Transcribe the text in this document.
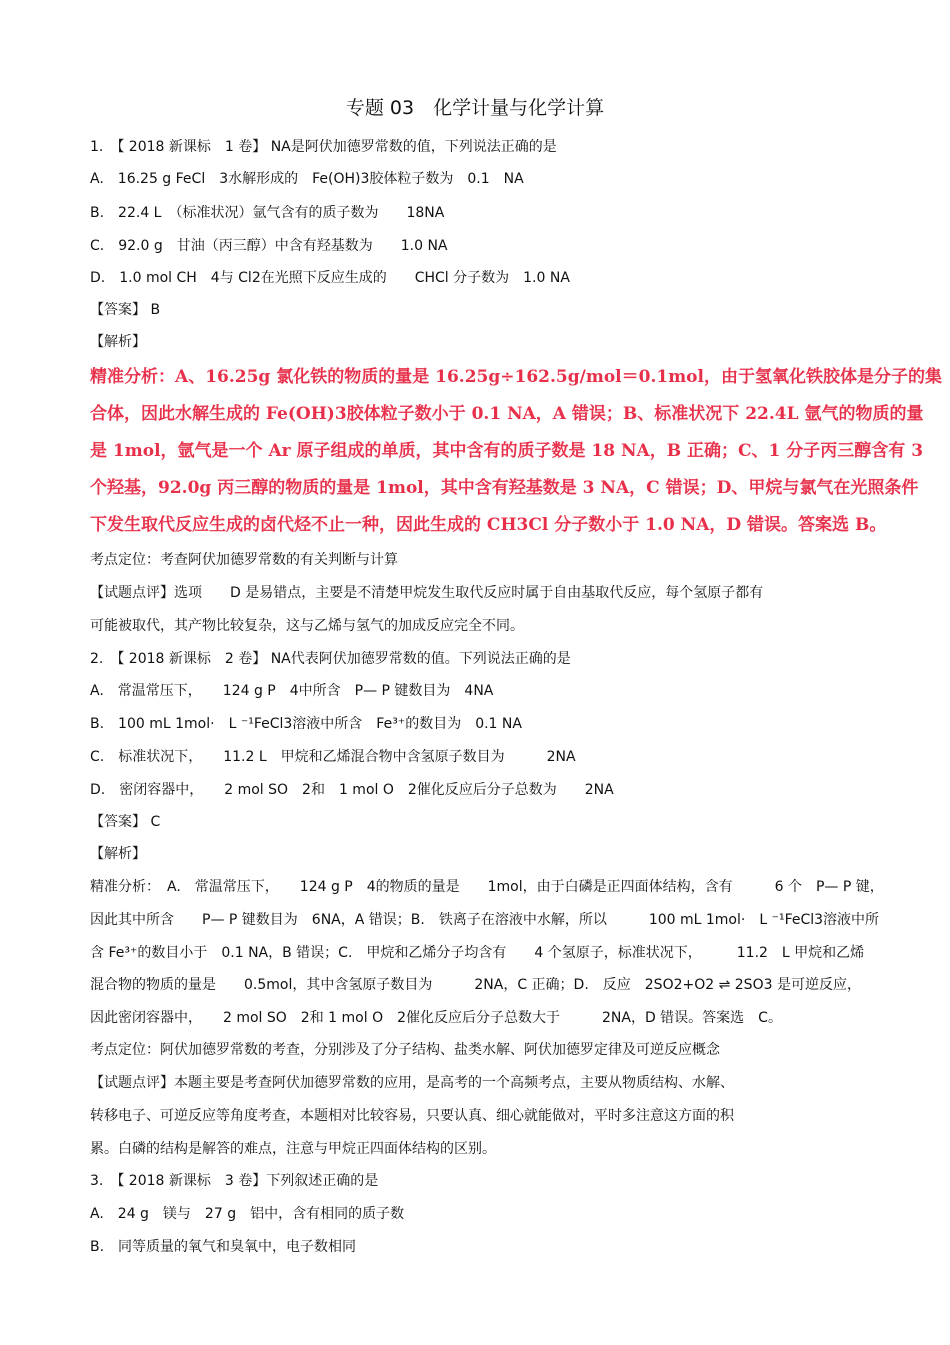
专题 03　化学计量与化学计算
1.　【 2018 新课标　1 卷】 NA是阿伏加德罗常数的值，下列说法正确的是
A.　16.25 g FeCl　3水解形成的　Fe(OH)3胶体粒子数为　0.1　NA
B.　22.4 L　（标准状况）氩气含有的质子数为　　18NA
C.　92.0 g　甘油（丙三醇）中含有羟基数为　　1.0 NA
D.　1.0 mol CH　4与 Cl2在光照下反应生成的　　CHCl 分子数为　1.0 NA
【答案】 B
【解析】
精准分析：A、16.25g 氯化铁的物质的量是 16.25g÷162.5g/mol＝0.1mol，由于氢氧化铁胶体是分子的集
合体，因此水解生成的 Fe(OH)3胶体粒子数小于 0.1 NA，A 错误；B、标准状况下 22.4L 氩气的物质的量
是 1mol，氩气是一个 Ar 原子组成的单质，其中含有的质子数是 18 NA，B 正确；C、1 分子丙三醇含有 3
个羟基，92.0g 丙三醇的物质的量是 1mol，其中含有羟基数是 3 NA，C 错误；D、甲烷与氯气在光照条件
下发生取代反应生成的卤代烃不止一种，因此生成的 CH3Cl 分子数小于 1.0 NA，D 错误。答案选 B。
考点定位：考查阿伏加德罗常数的有关判断与计算
【试题点评】选项　　D 是易错点，主要是不清楚甲烷发生取代反应时属于自由基取代反应，每个氢原子都有
可能被取代，其产物比较复杂，这与乙烯与氢气的加成反应完全不同。
2.　【 2018 新课标　2 卷】 NA代表阿伏加德罗常数的值。下列说法正确的是
A.　常温常压下，　　124 g P　4中所含　P— P 键数目为　4NA
B.　100 mL 1mol·　L ⁻¹FeCl3溶液中所含　Fe³⁺的数目为　0.1 NA
C.　标准状况下，　　11.2 L　甲烷和乙烯混合物中含氢原子数目为　　　2NA
D.　密闭容器中，　　2 mol SO　2和　1 mol O　2催化反应后分子总数为　　2NA
【答案】 C
【解析】
精准分析：　A.　常温常压下，　　124 g P　4的物质的量是　　1mol，由于白磷是正四面体结构，含有　　　6 个　P— P 键，
因此其中所含　　P— P 键数目为　6NA，A 错误；B.　铁离子在溶液中水解，所以　　　100 mL 1mol·　L ⁻¹FeCl3溶液中所
含 Fe³⁺的数目小于　0.1 NA，B 错误；C.　甲烷和乙烯分子均含有　　4 个氢原子，标准状况下，　　　11.2　L 甲烷和乙烯
混合物的物质的量是　　0.5mol，其中含氢原子数目为　　　2NA，C 正确；D.　反应　2SO2+O2 ⇌ 2SO3 是可逆反应，
因此密闭容器中，　　2 mol SO　2和 1 mol O　2催化反应后分子总数大于　　　2NA，D 错误。答案选　C。
考点定位：阿伏加德罗常数的考查，分别涉及了分子结构、盐类水解、阿伏加德罗定律及可逆反应概念
【试题点评】本题主要是考查阿伏加德罗常数的应用，是高考的一个高频考点，主要从物质结构、水解、
转移电子、可逆反应等角度考查，本题相对比较容易，只要认真、细心就能做对，平时多注意这方面的积
累。白磷的结构是解答的难点，注意与甲烷正四面体结构的区别。
3.　【 2018 新课标　3 卷】下列叙述正确的是
A.　24 g　镁与　27 g　铝中，含有相同的质子数
B.　同等质量的氧气和臭氧中，电子数相同
